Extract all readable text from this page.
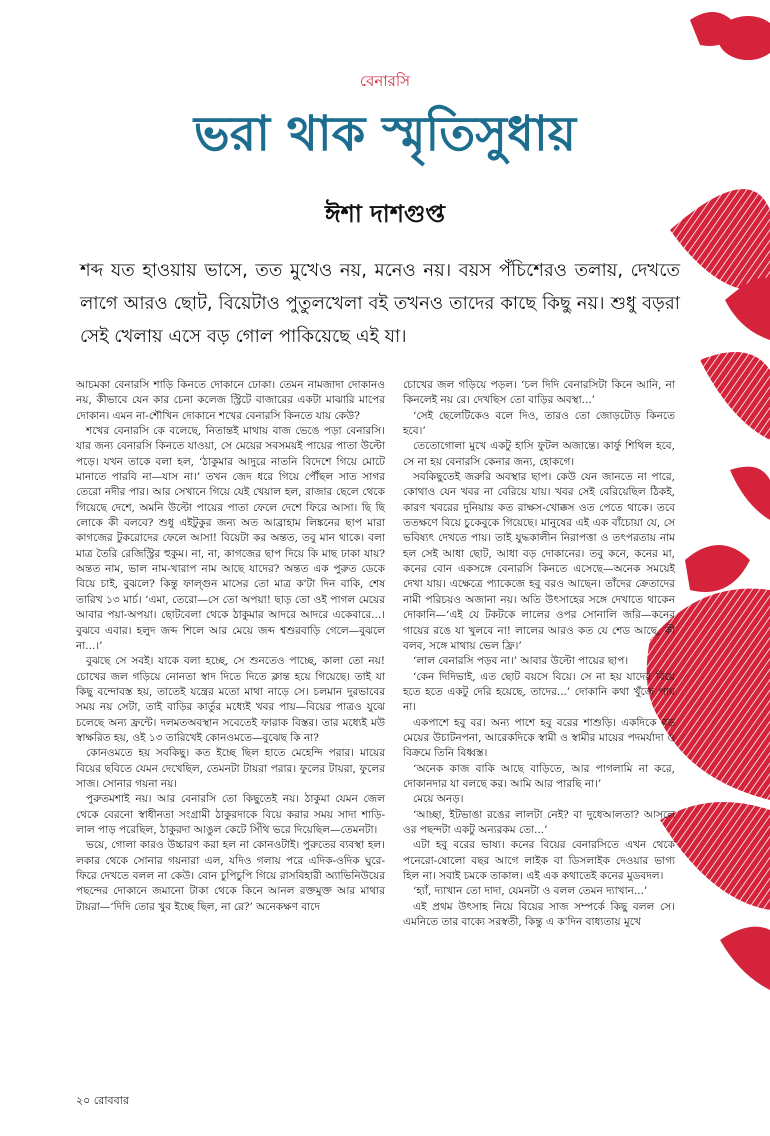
বেনারসি
ভরা থাক স্মৃতিসুধায়
ঈশা দাশগুপ্ত
শব্দ যত হাওয়ায় ভাসে, তত মুখেও নয়, মনেও নয়। বয়স পঁচিশেরও তলায়, দেখতে লাগে আরও ছোট, বিয়েটাও পুতুলখেলা বই তখনও তাদের কাছে কিছু নয়। শুধু বড়রা সেই খেলায় এসে বড় গোল পাকিয়েছে এই যা।

আচমকা বেনারসি শাড়ি কিনতে দোকানে ঢোকা। তেমন নামজাদা দোকানও নয়, কীভাবে যেন কার চেনা কলেজ স্ট্রিটে বাজারের একটা মাঝারি মাপের দোকান। এমন না-শৌখিন দোকানে শখের বেনারসি কিনতে যায় কেউ?

শখের বেনারসি কে বলেছে, নিতান্তই মাথায় বাজ ভেঙে পড়া বেনারসি। যার জন্য বেনারসি কিনতে যাওয়া, সে মেয়ের সবসময়ই পায়ের পাতা উল্টো পড়ে। যখন তাকে বলা হল, ‘ঠাকুমার আদুরে নাতনি বিদেশে গিয়ে মোটে মানাতে পারবি না—যাস না।’ তখন জেদ ধরে গিয়ে পৌঁছল সাত সাগর তেরো নদীর পার। আর সেখানে গিয়ে যেই খেয়াল হল, রাজার ছেলে থেকে গিয়েছে দেশে, অমনি উল্টো পায়ের পাতা ফেলে দেশে ফিরে আসা। ছি ছি লোকে কী বলবে? শুধু এইটুকুর জন্য অত আব্রাহাম লিঙ্কনের ছাপ মারা কাগজের টুকরোদের ফেলে আসা! বিয়েটা কর অন্তত, তবু মান থাকে। বলা মাত্র তৈরি রেজিস্ট্রির হুকুম। না, না, কাগজের ছাপ দিয়ে কি মাছ ঢাকা যায়? অন্তত নাম, ভাল নাম-খারাপ নাম আছে যাদের? অন্তত এক পুরুত ডেকে বিয়ে চাই, বুঝলে? কিন্তু ফাল্গুন মাসের তো মাত্র ক'টা দিন বাকি, শেষ তারিখ ১৩ মার্চ। ‘এমা, তেরো—সে তো অপয়া! ছাড় তো ওই পাগল মেয়ের আবার পয়া-অপয়া। ছোটবেলা থেকে ঠাকুমার আদরে আদরে একেবারে...। বুঝবে এবার। হলুদ জব্দ শিলে আর মেয়ে জব্দ শ্বশুরবাড়ি গেলে—বুঝলে না...।’

বুঝছে সে সবই। যাকে বলা হচ্ছে, সে শুনতেও পাচ্ছে, কালা তো নয়! চোখের জল গড়িয়ে নোনতা স্বাদ দিতে দিতে ক্লান্ত হয়ে গিয়েছে। তাই যা কিছু বন্দোবস্ত হয়, তাতেই যন্ত্রের মতো মাথা নাড়ে সে। চলমান দুরভাবের সময় নয় সেটা, তাই বাড়ির কার্তুর মধ্যেই খবর পায়—বিয়ের পাত্রও যুঝে চলেছে অন্য ফ্রন্টে। দলমতঅবস্থান সবেতেই ফারাক বিস্তর। তার মধ্যেই মউ স্বাক্ষরিত হয়, ওই ১৩ তারিখেই কোনওমতে—বুঝেছ কি না?

কোনওমতে হয় সবকিছু। কত ইচ্ছে ছিল হাতে মেহেন্দি পরার। মায়ের বিয়ের ছবিতে যেমন দেখেছিল, তেমনটা টায়রা পরার। ফুলের টায়রা, ফুলের সাজ। সোনার গয়না নয়।

পুরুতমশাই নয়। আর বেনারসি তো কিছুতেই নয়। ঠাকুমা যেমন জেল থেকে বেরনো স্বাধীনতা সংগ্রামী ঠাকুরদাকে বিয়ে করার সময় সাদা শাড়ি-লাল পাড় পরেছিল, ঠাকুরদা আঙুল কেটে সিঁথি ভরে দিয়েছিল—তেমনটা।

ভয়ে, গোলা কারও উচ্চারণ করা হল না কোনওটাই। পুরুতের ব্যবস্থা হল। লকার থেকে সোনার গয়নারা এল, যদিও গলায় পরে এদিক-ওদিক ঘুরে-ফিরে দেখতে বলল না কেউ। বোন চুপিচুপি গিয়ে রাসবিহারী অ্যাভিনিউয়ের পছন্দের দোকানে জমানো টাকা থেকে কিনে আনল রক্তমুক্ত আর মাথার টায়রা—‘দিদি তোর খুব ইচ্ছে ছিল, না রে?’ অনেকক্ষণ বাদে

চোখের জল গড়িয়ে পড়ল। ‘চল দিদি বেনারসিটা কিনে আনি, না কিনলেই নয় রে। দেখছিস তো বাড়ির অবস্থা...’

‘সেই ছেলেটিকেও বলে দিও, তারও তো জোড়টোড় কিনতে হবে।’

তেতোগোলা মুখে একটু হাসি ফুটল অজান্তে। কার্ফু শিথিল হবে, সে না হয় বেনারসি কেনার জন্য, হোকগে।

সবকিছুতেই জরুরি অবস্থার ছাপ। কেউ যেন জানতে না পারে, কোথাও যেন খবর না বেরিয়ে যায়। খবর সেই বেরিয়েছিল ঠিকই, কারণ খবরের দুনিয়ায় কত রাক্ষস-খোক্কস ওত পেতে থাকে। তবে ততক্ষণে বিয়ে চুকেবুকে গিয়েছে। মানুষের এই এক বাঁচোয়া যে, সে ভবিষ্যৎ দেখতে পায়। তাই যুদ্ধকালীন নিরাপত্তা ও তৎপরতায় নাম হল সেই আধা ছোট, আধা বড় দোকানের। তবু কনে, কনের মা, কনের বোন একসঙ্গে বেনারসি কিনতে এসেছে—অনেক সময়েই দেখা যায়। এক্ষেত্রে প্যাকেজে হবু বরও আছেন। তাঁদের ক্রেতাদের নামী পরিচয়ও অজানা নয়। অতি উৎসাহের সঙ্গে দেখাতে থাকেন দোকানি—‘এই যে টকটকে লালের ওপর সোনালি জরি—কনের গায়ের রঙে যা খুলবে না! লালের আরও কত যে শেড আছে, কী বলব, সঙ্গে মাথায় ভেল ফ্রি।’

‘লাল বেনারসি পড়ব না।’ আবার উল্টো পায়ের ছাপ।

‘কেন দিদিভাই, এত ছোট বয়সে বিয়ে। সে না হয় যাদের বিয়ে হতে হতে একটু দেরি হয়েছে, তাদের...’ দোকানি কথা খুঁজে পায় না।

একপাশে হবু বর। অন্য পাশে হবু বরের শাশুড়ি। একদিকে বড় মেয়ের উচাটনপনা, আরেকদিকে স্বামী ও স্বামীর মায়ের পদমর্যাদা ও বিক্রমে তিনি বিধ্বস্ত।

‘অনেক কাজ বাকি আছে বাড়িতে, আর পাগলামি না করে, দোকানদার যা বলছে কর। আমি আর পারছি না।’

মেয়ে অনড়।

‘আচ্ছা, ইটভাঙা রঙের লালটা নেই? বা দুধেআলতা? আসলে ওর পছন্দটা একটু অন্যরকম তো...’

এটা হবু বরের ভাষ্য। কনের বিয়ের বেনারসিতে এখন থেকে পনেরো-ষোলো বছর আগে লাইক বা ডিসলাইক দেওয়ার ভাগ্য হিল না। সবাই চমকে তাকাল। এই এক কথাতেই কনের মুডবদল।

‘হ্যাঁ, দ্যাখান তো দাদা, যেমনটা ও বলল তেমন দ্যাখান...’

এই প্রথম উৎসাহ নিয়ে বিয়ের সাজ সম্পর্কে কিছু বলল সে। এমনিতে তার বাক্যে সরস্বতী, কিন্তু এ ক'দিন বাধ্যতায় মুখে

২০ রোববার
